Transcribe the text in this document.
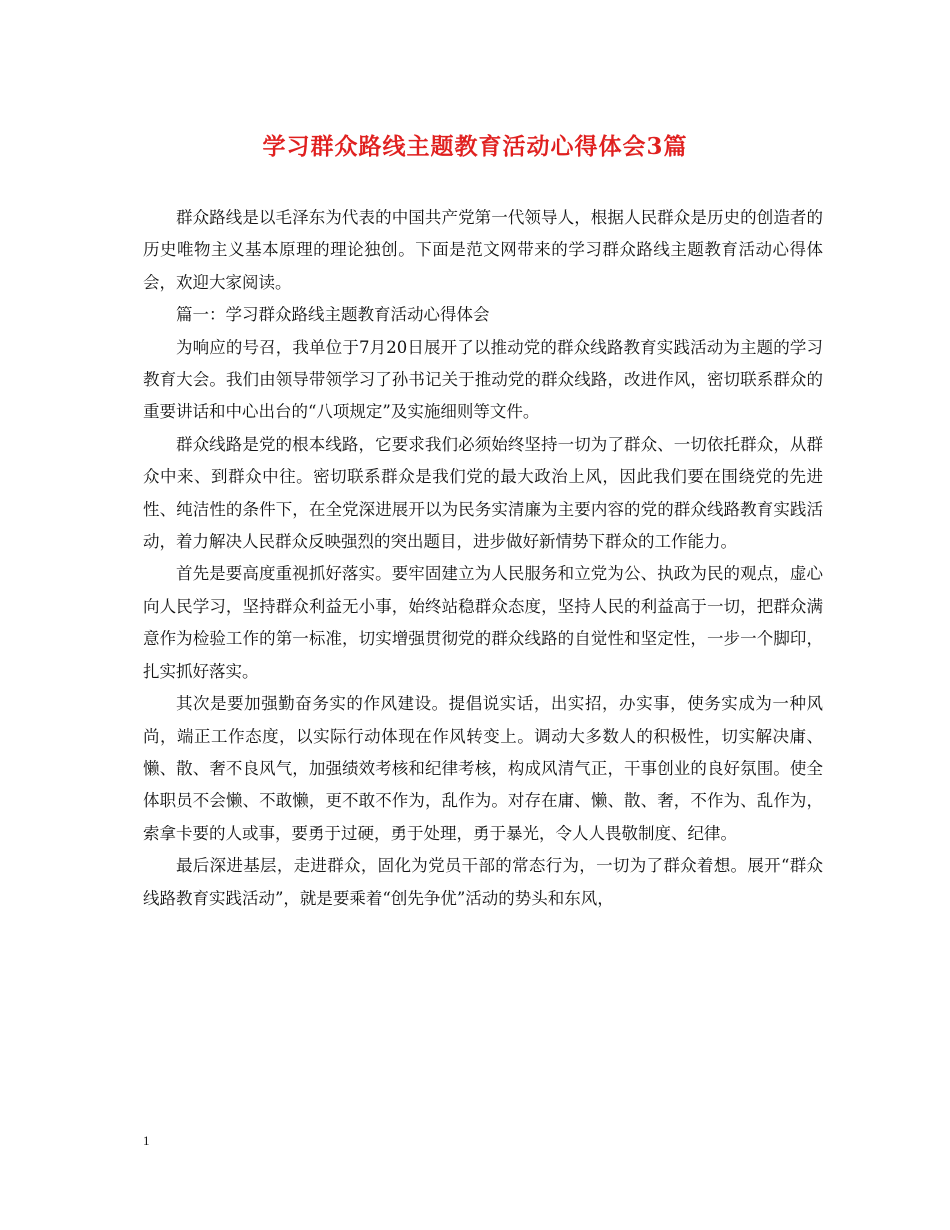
学习群众路线主题教育活动心得体会3篇

群众路线是以毛泽东为代表的中国共产党第一代领导人，根据人民群众是历史的创造者的历史唯物主义基本原理的理论独创。下面是范文网带来的学习群众路线主题教育活动心得体会，欢迎大家阅读。

篇一：学习群众路线主题教育活动心得体会

为响应的号召，我单位于7月20日展开了以推动党的群众线路教育实践活动为主题的学习教育大会。我们由领导带领学习了孙书记关于推动党的群众线路，改进作风，密切联系群众的重要讲话和中心出台的“八项规定”及实施细则等文件。

群众线路是党的根本线路，它要求我们必须始终坚持一切为了群众、一切依托群众，从群众中来、到群众中往。密切联系群众是我们党的最大政治上风，因此我们要在围绕党的先进性、纯洁性的条件下，在全党深进展开以为民务实清廉为主要内容的党的群众线路教育实践活动，着力解决人民群众反映强烈的突出题目，进步做好新情势下群众的工作能力。

首先是要高度重视抓好落实。要牢固建立为人民服务和立党为公、执政为民的观点，虚心向人民学习，坚持群众利益无小事，始终站稳群众态度，坚持人民的利益高于一切，把群众满意作为检验工作的第一标准，切实增强贯彻党的群众线路的自觉性和坚定性，一步一个脚印，扎实抓好落实。

其次是要加强勤奋务实的作风建设。提倡说实话，出实招，办实事，使务实成为一种风尚，端正工作态度，以实际行动体现在作风转变上。调动大多数人的积极性，切实解决庸、懒、散、奢不良风气，加强绩效考核和纪律考核，构成风清气正，干事创业的良好氛围。使全体职员不会懒、不敢懒，更不敢不作为，乱作为。对存在庸、懒、散、奢，不作为、乱作为，索拿卡要的人或事，要勇于过硬，勇于处理，勇于暴光，令人人畏敬制度、纪律。

最后深进基层，走进群众，固化为党员干部的常态行为，一切为了群众着想。展开“群众线路教育实践活动”，就是要乘着“创先争优”活动的势头和东风，

1
